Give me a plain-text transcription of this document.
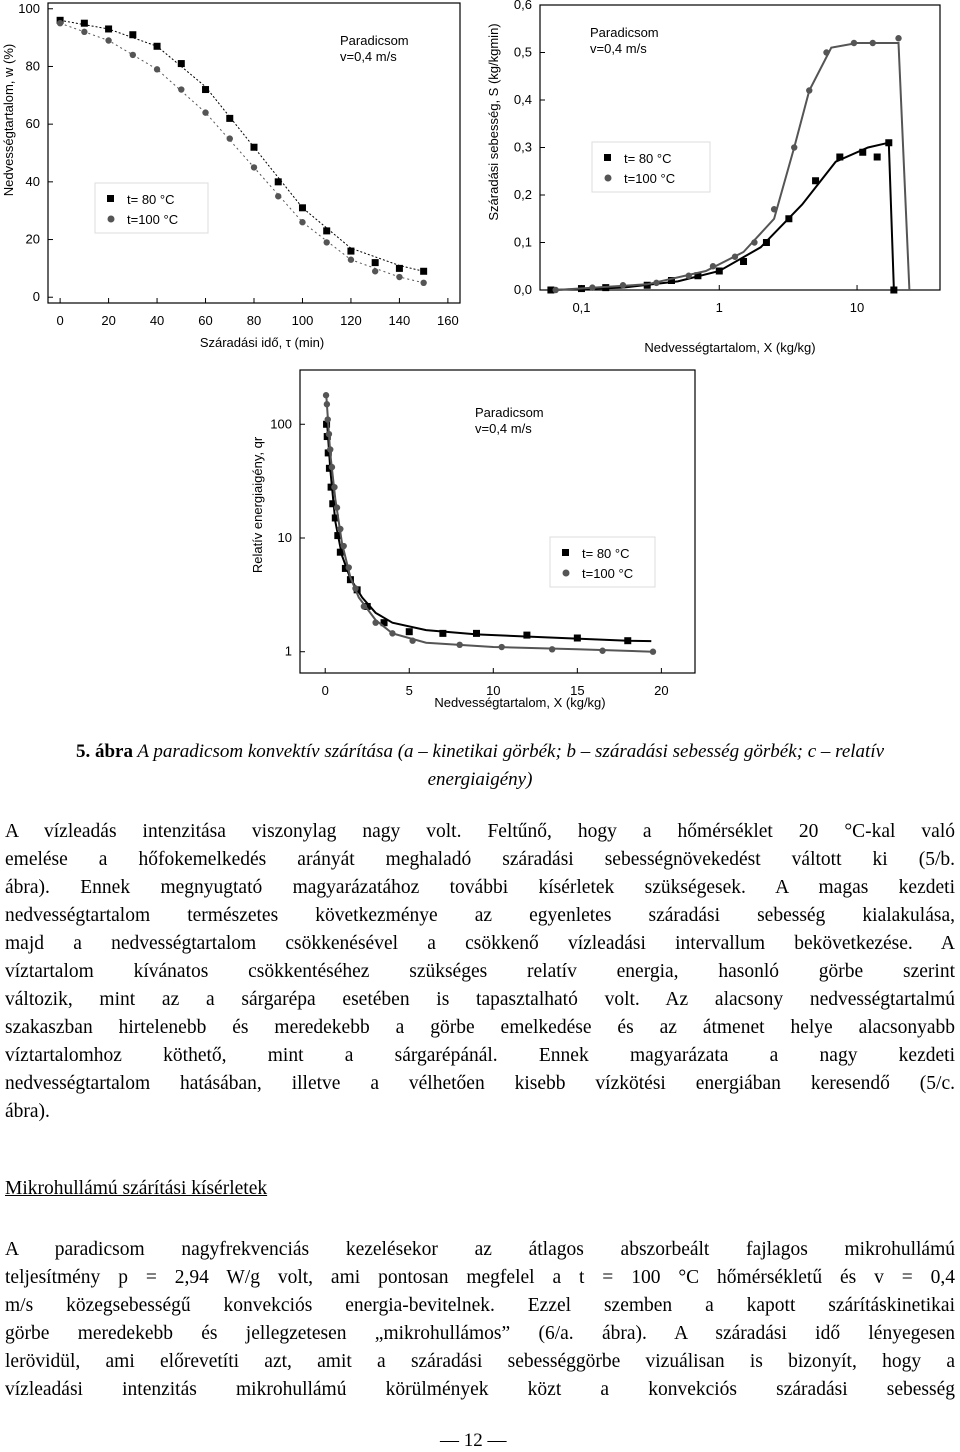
0	20	40	60	80 100 120 140 160
0
20
40
60
80
100
Száradási idő, τ (min)
Nedvességtartalom, w (%)
Paradicsom
v=0,4 m/s
t= 80 °C
t=100 °C
0,1	1	10
0,0
0,1
0,2
0,3
0,4
0,5
0,6
Nedvességtartalom, X (kg/kg)
Száradási sebesség, S (kg/kgmin)	Paradicsom
v=0,4 m/s
t= 80 °C
t=100 °C
0	5	10	15	20
1
10
100
Nedvességtartalom, X (kg/kg)
Relatív energiaigény, qr
Paradicsom
v=0,4 m/s
t= 80 °C
t=100 °C
5. ábra A paradicsom konvektív szárítása (a – kinetikai görbék; b – száradási sebesség görbék; c – relatív
energiaigény)
A vízleadás intenzitása viszonylag nagy volt. Feltűnő, hogy a hőmérséklet 20 °C-kal való
emelése a hőfokemelkedés arányát meghaladó száradási sebességnövekedést váltott ki (5/b.
ábra). Ennek megnyugtató magyarázatához további kísérletek szükségesek. A magas kezdeti
nedvességtartalom természetes következménye az egyenletes száradási sebesség kialakulása,
majd a nedvességtartalom csökkenésével a csökkenő vízleadási intervallum bekövetkezése. A
víztartalom kívánatos csökkentéséhez szükséges relatív energia, hasonló görbe szerint
változik, mint az a sárgarépa esetében is tapasztalható volt. Az alacsony nedvességtartalmú
szakaszban hirtelenebb és meredekebb a görbe emelkedése és az átmenet helye alacsonyabb
víztartalomhoz köthető, mint a sárgarépánál. Ennek magyarázata a nagy kezdeti
nedvességtartalom hatásában, illetve a vélhetően kisebb vízkötési energiában keresendő (5/c.
ábra).
Mikrohullámú szárítási kísérletek
A paradicsom nagyfrekvenciás kezelésekor az átlagos abszorbeált fajlagos mikrohullámú
teljesítmény p = 2,94 W/g volt, ami pontosan megfelel a t = 100 °C hőmérsékletű és v = 0,4
m/s közegsebességű konvekciós energia-bevitelnek. Ezzel szemben a kapott szárításkinetikai
görbe meredekebb és jellegzetesen „mikrohullámos” (6/a. ábra). A száradási idő lényegesen
lerövidül, ami előrevetíti azt, amit a száradási sebességgörbe vizuálisan is bizonyít, hogy a
vízleadási intenzitás mikrohullámú körülmények közt a konvekciós száradási sebesség
— 12 —
